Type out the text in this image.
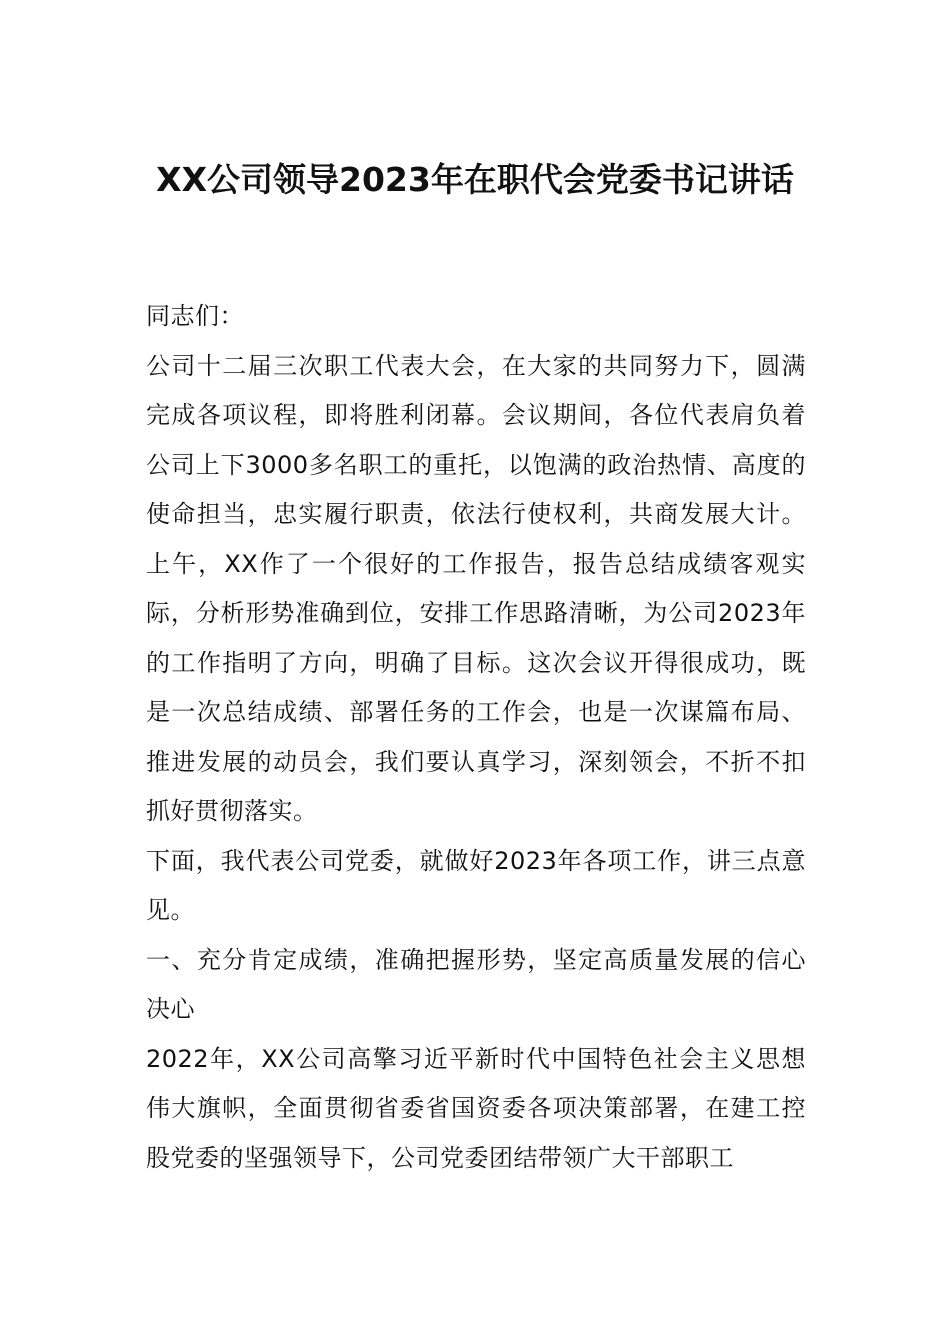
XX公司领导2023年在职代会党委书记讲话

同志们：

公司十二届三次职工代表大会，在大家的共同努力下，圆满完成各项议程，即将胜利闭幕。会议期间，各位代表肩负着公司上下3000多名职工的重托，以饱满的政治热情、高度的使命担当，忠实履行职责，依法行使权利，共商发展大计。上午，XX作了一个很好的工作报告，报告总结成绩客观实际，分析形势准确到位，安排工作思路清晰，为公司2023年的工作指明了方向，明确了目标。这次会议开得很成功，既是一次总结成绩、部署任务的工作会，也是一次谋篇布局、推进发展的动员会，我们要认真学习，深刻领会，不折不扣抓好贯彻落实。

下面，我代表公司党委，就做好2023年各项工作，讲三点意见。

一、充分肯定成绩，准确把握形势，坚定高质量发展的信心决心

2022年，XX公司高擎习近平新时代中国特色社会主义思想伟大旗帜，全面贯彻省委省国资委各项决策部署，在建工控股党委的坚强领导下，公司党委团结带领广大干部职工
